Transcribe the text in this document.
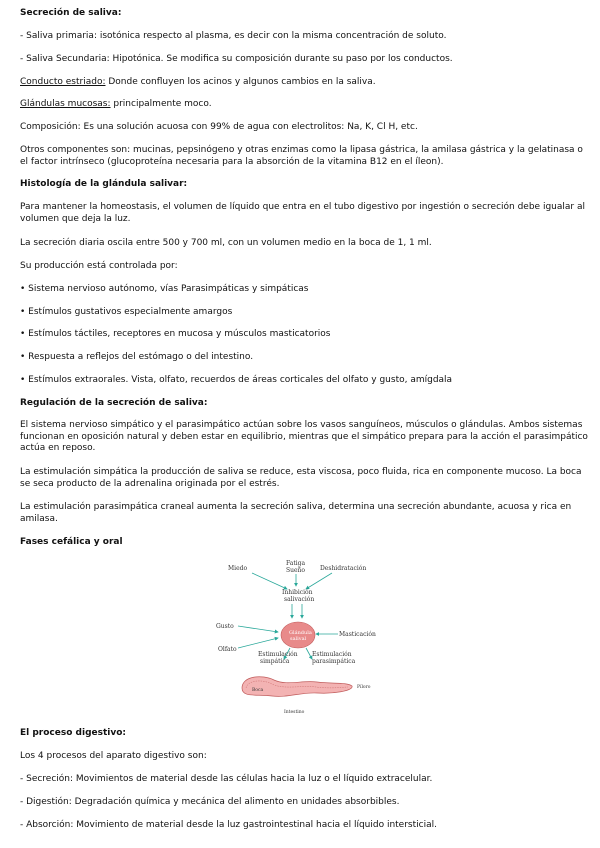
Secreción de saliva:

- Saliva primaria: isotónica respecto al plasma, es decir con la misma concentración de soluto.

- Saliva Secundaria: Hipotónica. Se modifica su composición durante su paso por los conductos.

Conducto estriado: Donde confluyen los acinos y algunos cambios en la saliva.

Glándulas mucosas: principalmente moco.

Composición: Es una solución acuosa con 99% de agua con electrolitos: Na, K, Cl H, etc.

Otros componentes son: mucinas, pepsinógeno y otras enzimas como la lipasa gástrica, la amilasa gástrica y la gelatinasa o el factor intrínseco (glucoproteína necesaria para la absorción de la vitamina B12 en el íleon).

Histología de la glándula salivar:

Para mantener la homeostasis, el volumen de líquido que entra en el tubo digestivo por ingestión o secreción debe igualar al volumen que deja la luz.

La secreción diaria oscila entre 500 y 700 ml, con un volumen medio en la boca de 1, 1 ml.

Su producción está controlada por:

• Sistema nervioso autónomo, vías Parasimpáticas y simpáticas

• Estímulos gustativos especialmente amargos

• Estímulos táctiles, receptores en mucosa y músculos masticatorios

• Respuesta a reflejos del estómago o del intestino.

• Estímulos extraorales. Vista, olfato, recuerdos de áreas corticales del olfato y gusto, amígdala

Regulación de la secreción de saliva:

El sistema nervioso simpático y el parasimpático actúan sobre los vasos sanguíneos, músculos o glándulas. Ambos sistemas funcionan en oposición natural y deben estar en equilibrio, mientras que el simpático prepara para la acción el parasimpático actúa en reposo.

La estimulación simpática la producción de saliva se reduce, esta viscosa, poco fluida, rica en componente mucoso. La boca se seca producto de la adrenalina originada por el estrés.

La estimulación parasimpática craneal aumenta la secreción saliva, determina una secreción abundante, acuosa y rica en amilasa.

Fases cefálica y oral

Miedo
Fatiga
Sueño Deshidratación
Inhibición
salivación
Gusto
Olfato
Masticación
Glándula
salival
Estimulación
simpática
Estimulación
parasimpática
Boca
Píloro
Intestino

El proceso digestivo:

Los 4 procesos del aparato digestivo son:

- Secreción: Movimientos de material desde las células hacia la luz o el líquido extracelular.

- Digestión: Degradación química y mecánica del alimento en unidades absorbibles.

- Absorción: Movimiento de material desde la luz gastrointestinal hacia el líquido intersticial.
